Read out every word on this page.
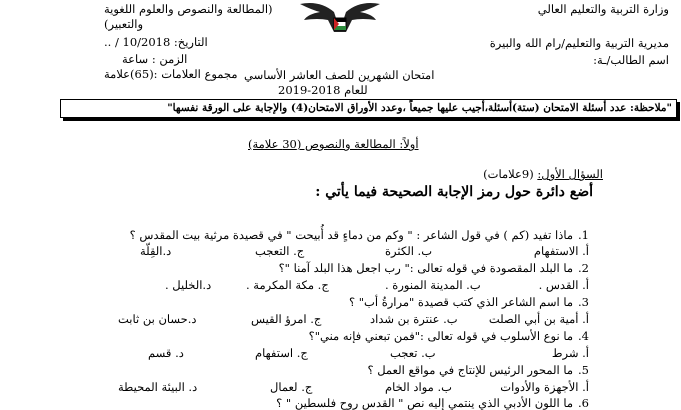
وزارة التربية والتعليم العالي
مديرية التربية والتعليم/رام الله والبيرة
اسم الطالب/ـة:
(المطالعة والنصوص والعلوم اللغوية
والتعبير)
التاريخ: 10/2018 / ..
الزمن : ساعة
مجموع العلامات :(65)علامة امتحان الشهرين للصف العاشر الأساسي
للعام 2018-2019
"ملاحظة: عدد أسئلة الامتحان (ستة)أسئلة،أجيب عليها جميعاً ،وعدد الأوراق الامتحان(4) والإجابة على الورقة نفسها"
أولاً: المطالعة والنصوص (30 علامة)
السؤال الأول: (9علامات)
أضع دائرة حول رمز الإجابة الصحيحة فيما يأتي :
1.
ماذا تفيد (كم ) في قول الشاعر : " وكم من دماءٍ قد أُبيحت " في قصيدة مرثية بيت المقدس ؟
أ. الاستفهام
ب. الكثرة
ج. التعجب
د.القِلّة
2.
ما البلد المقصودة في قوله تعالى :" رب اجعل هذا البلد آمنا "؟
أ. القدس .
ب. المدينة المنورة .
ج. مكة المكرمة .
د.الخليل .
3.
ما اسم الشاعر الذي كتب قصيدة "مرارةُ أب" ؟
أ. أمية بن أبي الصلت
ب. عنترة بن شداد
ج. امرؤ القيس
د.حسان بن ثابت
4.
ما نوع الأسلوب في قوله تعالى :"فمن تبعني فإنه مني"؟
أ. شرط
ب. تعجب
ج. استفهام
د. قسم
5.
ما المحور الرئيس للإنتاج في مواقع العمل ؟
أ. الأجهزة والأدوات
ب. مواد الخام
ج. لعمال
د. البيئة المحيطة
6.
ما اللون الأدبي الذي ينتمي إليه نص " القدس روح فلسطين " ؟
